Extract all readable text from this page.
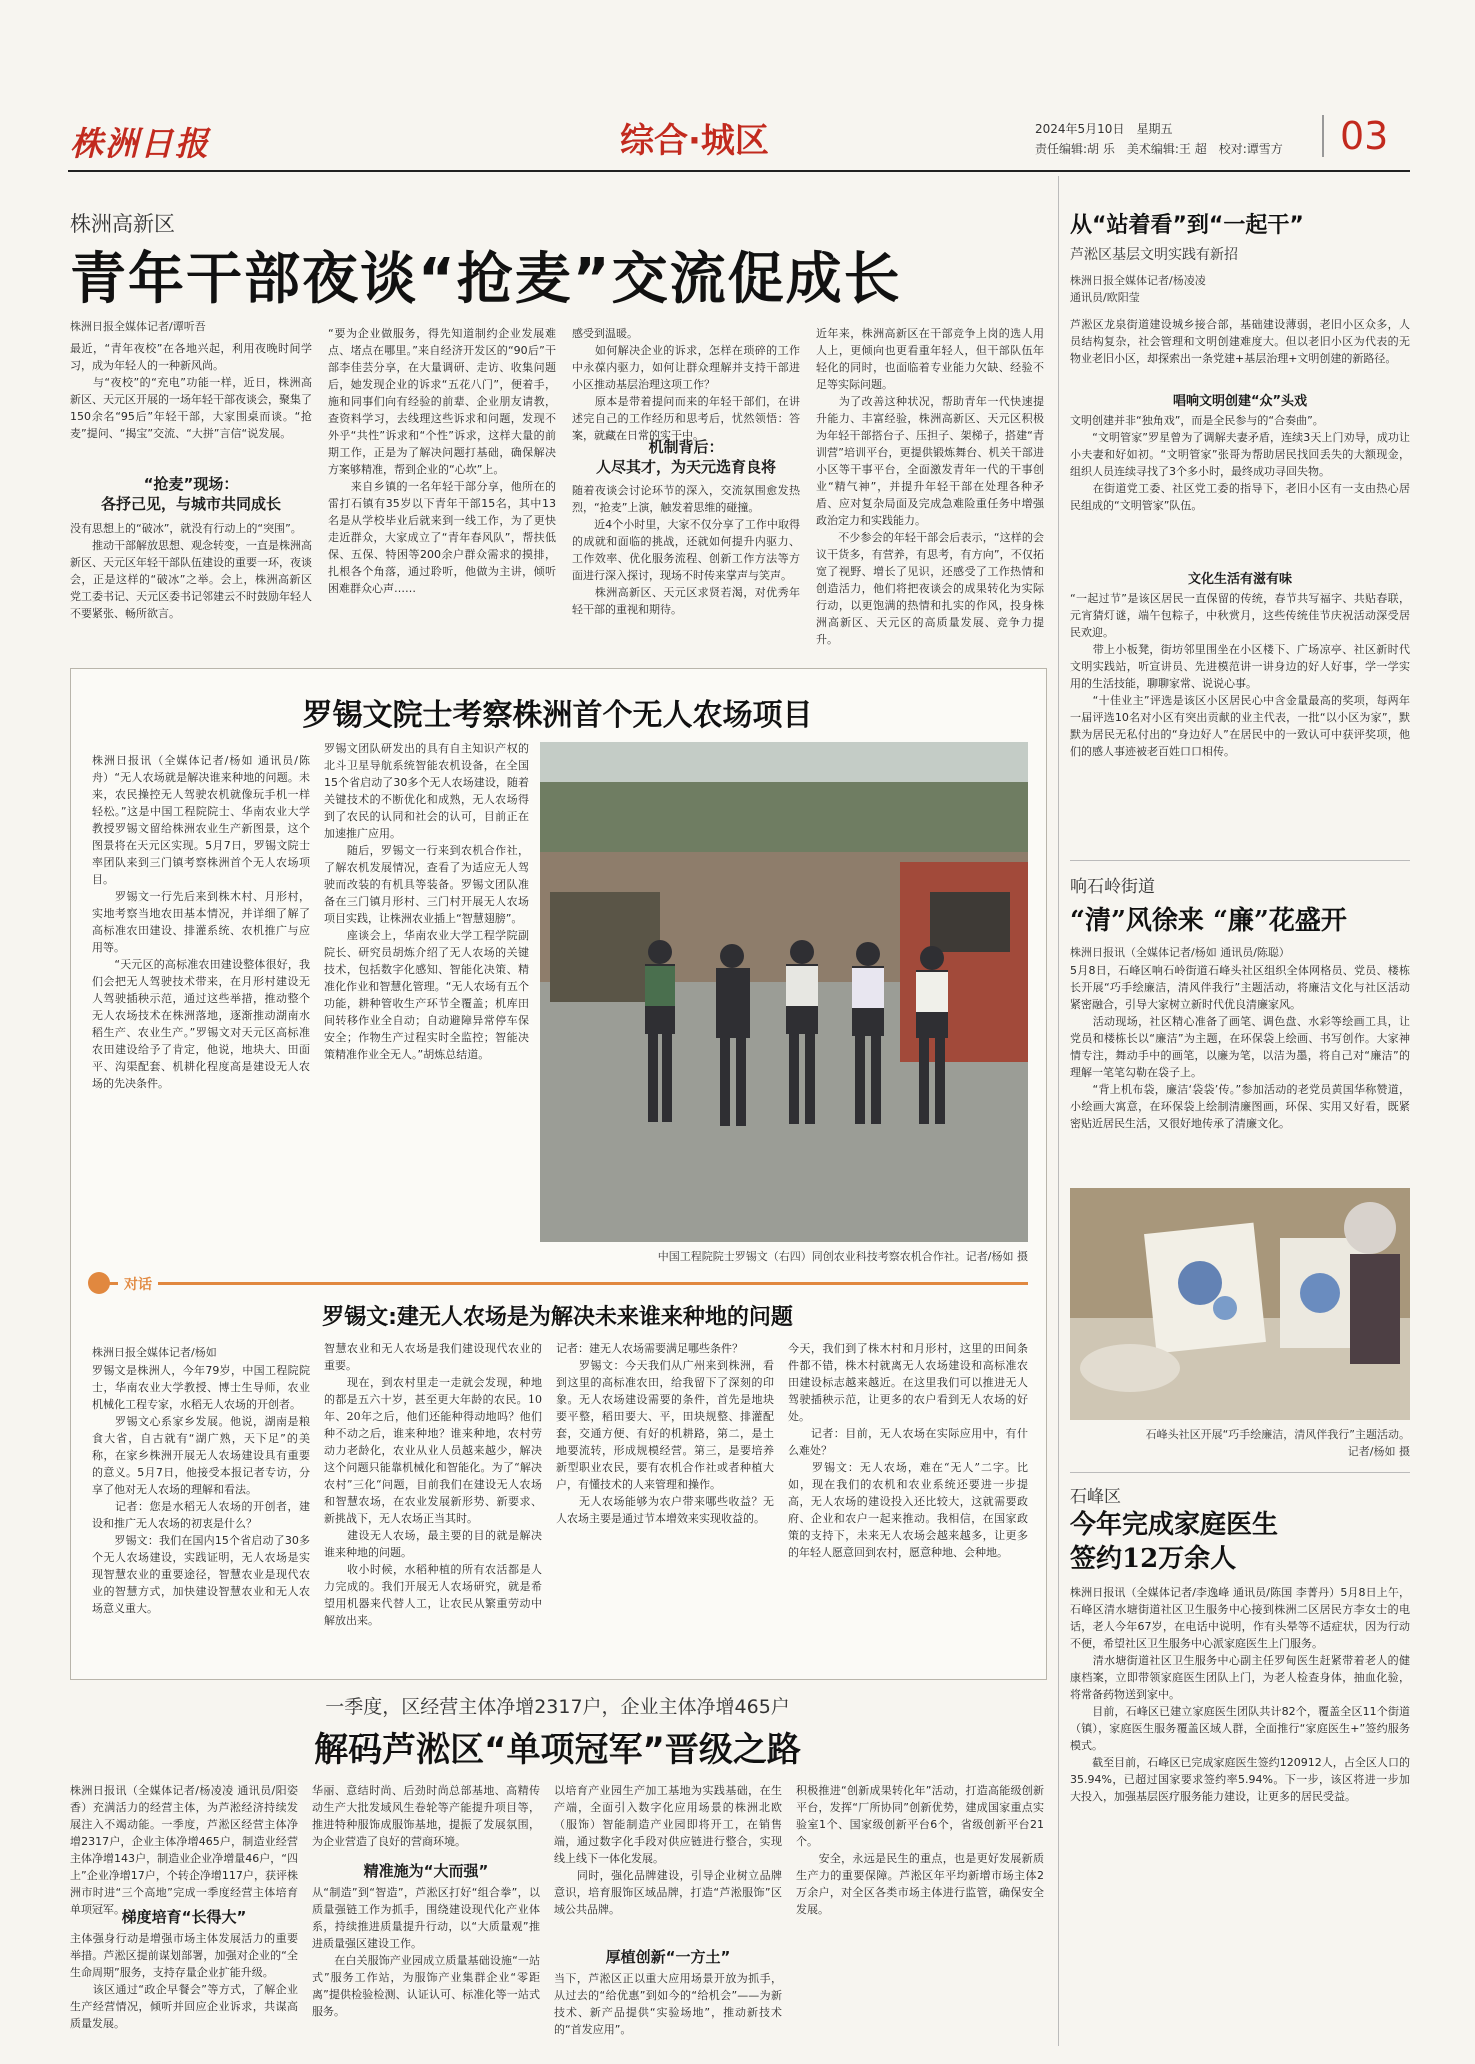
株洲日报	综合·城区	2024年5月10日　星期五
责任编辑:胡 乐　美术编辑:王 超　校对:谭雪方 03
株洲高新区
青年干部夜谈“抢麦”交流促成长
株洲日报全媒体记者/谭听吾
最近，“青年夜校”在各地兴起，利用夜晚时间学习，成为年轻人的一种新风尚。
　　与“夜校”的“充电”功能一样，近日，株洲高新区、天元区开展的一场年轻干部夜谈会，聚集了150余名“95后”年轻干部，大家围桌而谈。“抢麦”提问、“揭宝”交流、“大拼”言信“说发展。
“抢麦”现场：
各抒己见，与城市共同成长
没有思想上的“破冰”，就没有行动上的“突围”。
　　推动干部解放思想、观念转变，一直是株洲高新区、天元区年轻干部队伍建设的重要一环，夜谈会，正是这样的“破冰”之举。会上，株洲高新区党工委书记、天元区委书记邻建云不时鼓励年轻人不要紧张、畅所欲言。
“要为企业做服务，得先知道制约企业发展难点、堵点在哪里。”来自经济开发区的“90后”干部李佳芸分享，在大量调研、走访、收集问题后，她发现企业的诉求“五花八门”，便着手，施和同事们向有经验的前辈、企业朋友请教，查资料学习，去线理这些诉求和问题，发现不外乎“共性”诉求和“个性”诉求，这样大量的前期工作，正是为了解决问题打基础，确保解决方案够精准，帮到企业的“心坎”上。
　　来自乡镇的一名年轻干部分享，他所在的雷打石镇有35岁以下青年干部15名，其中13名是从学校毕业后就来到一线工作，为了更快走近群众，大家成立了“青年春风队”，帮扶低保、五保、特困等200余户群众需求的摸排，扎根各个角落，通过聆听，他做为主讲，倾听困难群众心声……
感受到温暖。
　　如何解决企业的诉求，怎样在琐碎的工作中永葆内驱力，如何让群众理解并支持干部进小区推动基层治理这项工作？
　　原本是带着提问而来的年轻干部们，在讲述完自己的工作经历和思考后，忧然领悟：答案，就藏在日常的实干中。
机制背后：
人尽其才，为天元选育良将
随着夜谈会讨论环节的深入，交流氛围愈发热烈，“抢麦”上演，触发着思维的碰撞。
　　近4个小时里，大家不仅分享了工作中取得的成就和面临的挑战，还就如何提升内驱力、工作效率、优化服务流程、创新工作方法等方面进行深入探讨，现场不时传来掌声与笑声。
　　株洲高新区、天元区求贤若渴，对优秀年轻干部的重视和期待。
近年来，株洲高新区在干部竞争上岗的选人用人上，更倾向也更看重年轻人，但干部队伍年轻化的同时，也面临着专业能力欠缺、经验不足等实际问题。
　　为了改善这种状况，帮助青年一代快速提升能力、丰富经验，株洲高新区、天元区积极为年轻干部搭台子、压担子、架梯子，搭建“青训营”培训平台，更提供锻炼舞台、机关干部进小区等干事平台，全面激发青年一代的干事创业“精气神”，并提升年轻干部在处理各种矛盾、应对复杂局面及完成急难险重任务中增强政治定力和实践能力。
　　不少参会的年轻干部会后表示，“这样的会议干货多，有营养，有思考，有方向”，不仅拓宽了视野、增长了见识，还感受了工作热情和创造活力，他们将把夜谈会的成果转化为实际行动，以更饱满的热情和扎实的作风，投身株洲高新区、天元区的高质量发展、竞争力提升。
罗锡文院士考察株洲首个无人农场项目
株洲日报讯（全媒体记者/杨如 通讯员/陈舟）“无人农场就是解决谁来种地的问题。未来，农民操控无人驾驶农机就像玩手机一样轻松。”这是中国工程院院士、华南农业大学教授罗锡文留给株洲农业生产新图景，这个图景将在天元区实现。5月7日，罗锡文院士率团队来到三门镇考察株洲首个无人农场项目。
　　罗锡文一行先后来到株木村、月形村，实地考察当地农田基本情况，并详细了解了高标准农田建设、排灌系统、农机推广与应用等。
　　“天元区的高标准农田建设整体很好，我们会把无人驾驶技术带来，在月形村建设无人驾驶插秧示范，通过这些举措，推动整个无人农场技术在株洲落地，逐渐推动湖南水稻生产、农业生产。”罗锡文对天元区高标准农田建设给予了肯定，他说，地块大、田面平、沟渠配套、机耕化程度高是建设无人农场的先决条件。
罗锡文团队研发出的具有自主知识产权的北斗卫星导航系统智能农机设备，在全国15个省启动了30多个无人农场建设，随着关键技术的不断优化和成熟，无人农场得到了农民的认同和社会的认可，目前正在加速推广应用。
　　随后，罗锡文一行来到农机合作社，了解农机发展情况，查看了为适应无人驾驶而改装的有机具等装备。罗锡文团队准备在三门镇月形村、三门村开展无人农场项目实践，让株洲农业插上“智慧翅膀”。
　　座谈会上，华南农业大学工程学院副院长、研究员胡炼介绍了无人农场的关键技术，包括数字化感知、智能化决策、精准化作业和智慧化管理。“无人农场有五个功能，耕种管收生产环节全覆盖；机库田间转移作业全自动；自动避障异常停车保安全；作物生产过程实时全监控；智能决策精准作业全无人。”胡炼总结道。
中国工程院院士罗锡文（右四）同创农业科技考察农机合作社。记者/杨如 摄
对话
罗锡文:建无人农场是为解决未来谁来种地的问题
株洲日报全媒体记者/杨如
罗锡文是株洲人，今年79岁，中国工程院院士，华南农业大学教授、博士生导师，农业机械化工程专家，水稻无人农场的开创者。
　　罗锡文心系家乡发展。他说，湖南是粮食大省，自古就有“湖广熟，天下足”的美称，在家乡株洲开展无人农场建设具有重要的意义。5月7日，他接受本报记者专访，分享了他对无人农场的理解和看法。
　　记者：您是水稻无人农场的开创者，建设和推广无人农场的初衷是什么？
　　罗锡文：我们在国内15个省启动了30多个无人农场建设，实践证明，无人农场是实现智慧农业的重要途径，智慧农业是现代农业的智慧方式，加快建设智慧农业和无人农场意义重大。
智慧农业和无人农场是我们建设现代农业的重要。
　　现在，到农村里走一走就会发现，种地的都是五六十岁，甚至更大年龄的农民。10年、20年之后，他们还能种得动地吗？他们种不动之后，谁来种地？谁来种地，农村劳动力老龄化，农业从业人员越来越少，解决这个问题只能靠机械化和智能化。为了“解决农村”三化“问题，目前我们在建设无人农场和智慧农场，在农业发展新形势、新要求、新挑战下，无人农场正当其时。
　　建设无人农场，最主要的目的就是解决谁来种地的问题。
　　收小时候，水稻种植的所有农活都是人力完成的。我们开展无人农场研究，就是希望用机器来代替人工，让农民从繁重劳动中解放出来。
记者：建无人农场需要满足哪些条件？
　　罗锡文：今天我们从广州来到株洲，看到这里的高标准农田，给我留下了深刻的印象。无人农场建设需要的条件，首先是地块要平整，稻田要大、平，田块规整、排灌配套，交通方便、有好的机耕路，第二，是土地要流转，形成规模经营。第三，是要培养新型职业农民，要有农机合作社或者种植大户，有懂技术的人来管理和操作。
　　无人农场能够为农户带来哪些收益？无人农场主要是通过节本增效来实现收益的。
今天，我们到了株木村和月形村，这里的田间条件都不错，株木村就离无人农场建设和高标准农田建设标志越来越近。在这里我们可以推进无人驾驶插秧示范，让更多的农户看到无人农场的好处。
　　记者：目前，无人农场在实际应用中，有什么难处？
　　罗锡文：无人农场，难在“无人”二字。比如，现在我们的农机和农业系统还要进一步提高，无人农场的建设投入还比较大，这就需要政府、企业和农户一起来推动。我相信，在国家政策的支持下，未来无人农场会越来越多，让更多的年轻人愿意回到农村，愿意种地、会种地。
一季度，区经营主体净增2317户，企业主体净增465户
解码芦淞区“单项冠军”晋级之路
株洲日报讯（全媒体记者/杨凌凌 通讯员/阳姿香）充满活力的经营主体，为芦淞经济持续发展注入不竭动能。一季度，芦淞区经营主体净增2317户，企业主体净增465户，制造业经营主体净增143户，制造业企业净增量46户，“四上”企业净增17户，个转企净增117户，获评株洲市时进“三个高地”完成一季度经营主体培育单项冠军。
梯度培育“长得大”
主体强身行动是增强市场主体发展活力的重要举措。芦淞区提前谋划部署，加强对企业的“全生命周期”服务，支持存量企业扩能升级。
　　该区通过“政企早餐会”等方式，了解企业生产经营情况，倾听并回应企业诉求，共谋高质量发展。
华丽、意结时尚、后劲时尚总部基地、高精传动生产大批发域风生卷轮等产能提升项目等，推进特种服饰成服饰基地，提振了发展氛围，为企业营造了良好的营商环境。
精准施为“大而强”
从“制造”到“智造”，芦淞区打好“组合拳”，以质量强链工作为抓手，围绕建设现代化产业体系，持续推进质量提升行动，以“大质量观”推进质量强区建设工作。
　　在白关服饰产业园成立质量基础设施“一站式”服务工作站，为服饰产业集群企业“零距离”提供检验检测、认证认可、标准化等一站式服务。
以培育产业园生产加工基地为实践基础，在生产端，全面引入数字化应用场景的株洲北欧（服饰）智能制造产业园即将开工，在销售端，通过数字化手段对供应链进行整合，实现线上线下一体化发展。
　　同时，强化品牌建设，引导企业树立品牌意识，培育服饰区域品牌，打造“芦淞服饰”区域公共品牌。
厚植创新“一方土”
当下，芦淞区正以重大应用场景开放为抓手，从过去的“给优惠”到如今的“给机会”——为新技术、新产品提供“实验场地”，推动新技术的“首发应用”。
积极推进“创新成果转化年”活动，打造高能级创新平台，发挥“厂所协同”创新优势，建成国家重点实验室1个、国家级创新平台6个，省级创新平台21个。
　　安全，永远是民生的重点，也是更好发展新质生产力的重要保障。芦淞区年平均新增市场主体2万余户，对全区各类市场主体进行监管，确保安全发展。
从“站着看”到“一起干”
芦淞区基层文明实践有新招
株洲日报全媒体记者/杨凌凌
通讯员/欧阳莹
芦淞区龙泉街道建设城乡接合部，基础建设薄弱，老旧小区众多，人员结构复杂，社会管理和文明创建难度大。但以老旧小区为代表的无物业老旧小区，却探索出一条党建+基层治理+文明创建的新路径。
唱响文明创建“众”头戏
文明创建并非“独角戏”，而是全民参与的“合奏曲”。
　　“文明管家”罗星曾为了调解夫妻矛盾，连续3天上门劝导，成功让小夫妻和好如初。“文明管家”张哥为帮助居民找回丢失的大额现金，组织人员连续寻找了3个多小时，最终成功寻回失物。
　　在街道党工委、社区党工委的指导下，老旧小区有一支由热心居民组成的“文明管家”队伍。
文化生活有滋有味
“一起过节”是该区居民一直保留的传统，春节共写福字、共贴春联，元宵猜灯谜，端午包粽子，中秋赏月，这些传统佳节庆祝活动深受居民欢迎。
　　带上小板凳，街坊邻里围坐在小区楼下、广场凉亭、社区新时代文明实践站，听宣讲员、先进模范讲一讲身边的好人好事，学一学实用的生活技能，聊聊家常、说说心事。
　　“十佳业主”评选是该区小区居民心中含金量最高的奖项，每两年一届评选10名对小区有突出贡献的业主代表，一批“以小区为家”，默默为居民无私付出的“身边好人”在居民中的一致认可中获评奖项，他们的感人事迹被老百姓口口相传。
响石岭街道
“清”风徐来 “廉”花盛开
株洲日报讯（全媒体记者/杨如 通讯员/陈聪）
5月8日，石峰区响石岭街道石峰头社区组织全体网格员、党员、楼栋长开展“巧手绘廉洁，清风伴我行”主题活动，将廉洁文化与社区活动紧密融合，引导大家树立新时代优良清廉家风。
　　活动现场，社区精心准备了画笔、调色盘、水彩等绘画工具，让党员和楼栋长以“廉洁”为主题，在环保袋上绘画、书写创作。大家神情专注，舞动手中的画笔，以廉为笔，以洁为墨，将自己对“廉洁”的理解一笔笔勾勒在袋子上。
　　“背上机布袋，廉洁‘袋袋’传。”参加活动的老党员黄国华称赞道，小绘画大寓意，在环保袋上绘制清廉图画，环保、实用又好看，既紧密贴近居民生活，又很好地传承了清廉文化。
石峰头社区开展“巧手绘廉洁，清风伴我行”主题活动。
记者/杨如 摄
石峰区
今年完成家庭医生
签约12万余人
株洲日报讯（全媒体记者/李逸峰 通讯员/陈国 李菁丹）5月8日上午，石峰区清水塘街道社区卫生服务中心接到株洲二区居民方李女士的电话，老人今年67岁，在电话中说明，作有头晕等不适症状，因为行动不便，希望社区卫生服务中心派家庭医生上门服务。
　　清水塘街道社区卫生服务中心副主任罗甸医生赶紧带着老人的健康档案，立即带领家庭医生团队上门，为老人检查身体，抽血化验，将常备药物送到家中。
　　目前，石峰区已建立家庭医生团队共计82个，覆盖全区11个街道（镇），家庭医生服务覆盖区域人群，全面推行“家庭医生+”签约服务模式。
　　截至目前，石峰区已完成家庭医生签约120912人，占全区人口的35.94%，已超过国家要求签约率5.94%。下一步，该区将进一步加大投入，加强基层医疗服务能力建设，让更多的居民受益。
